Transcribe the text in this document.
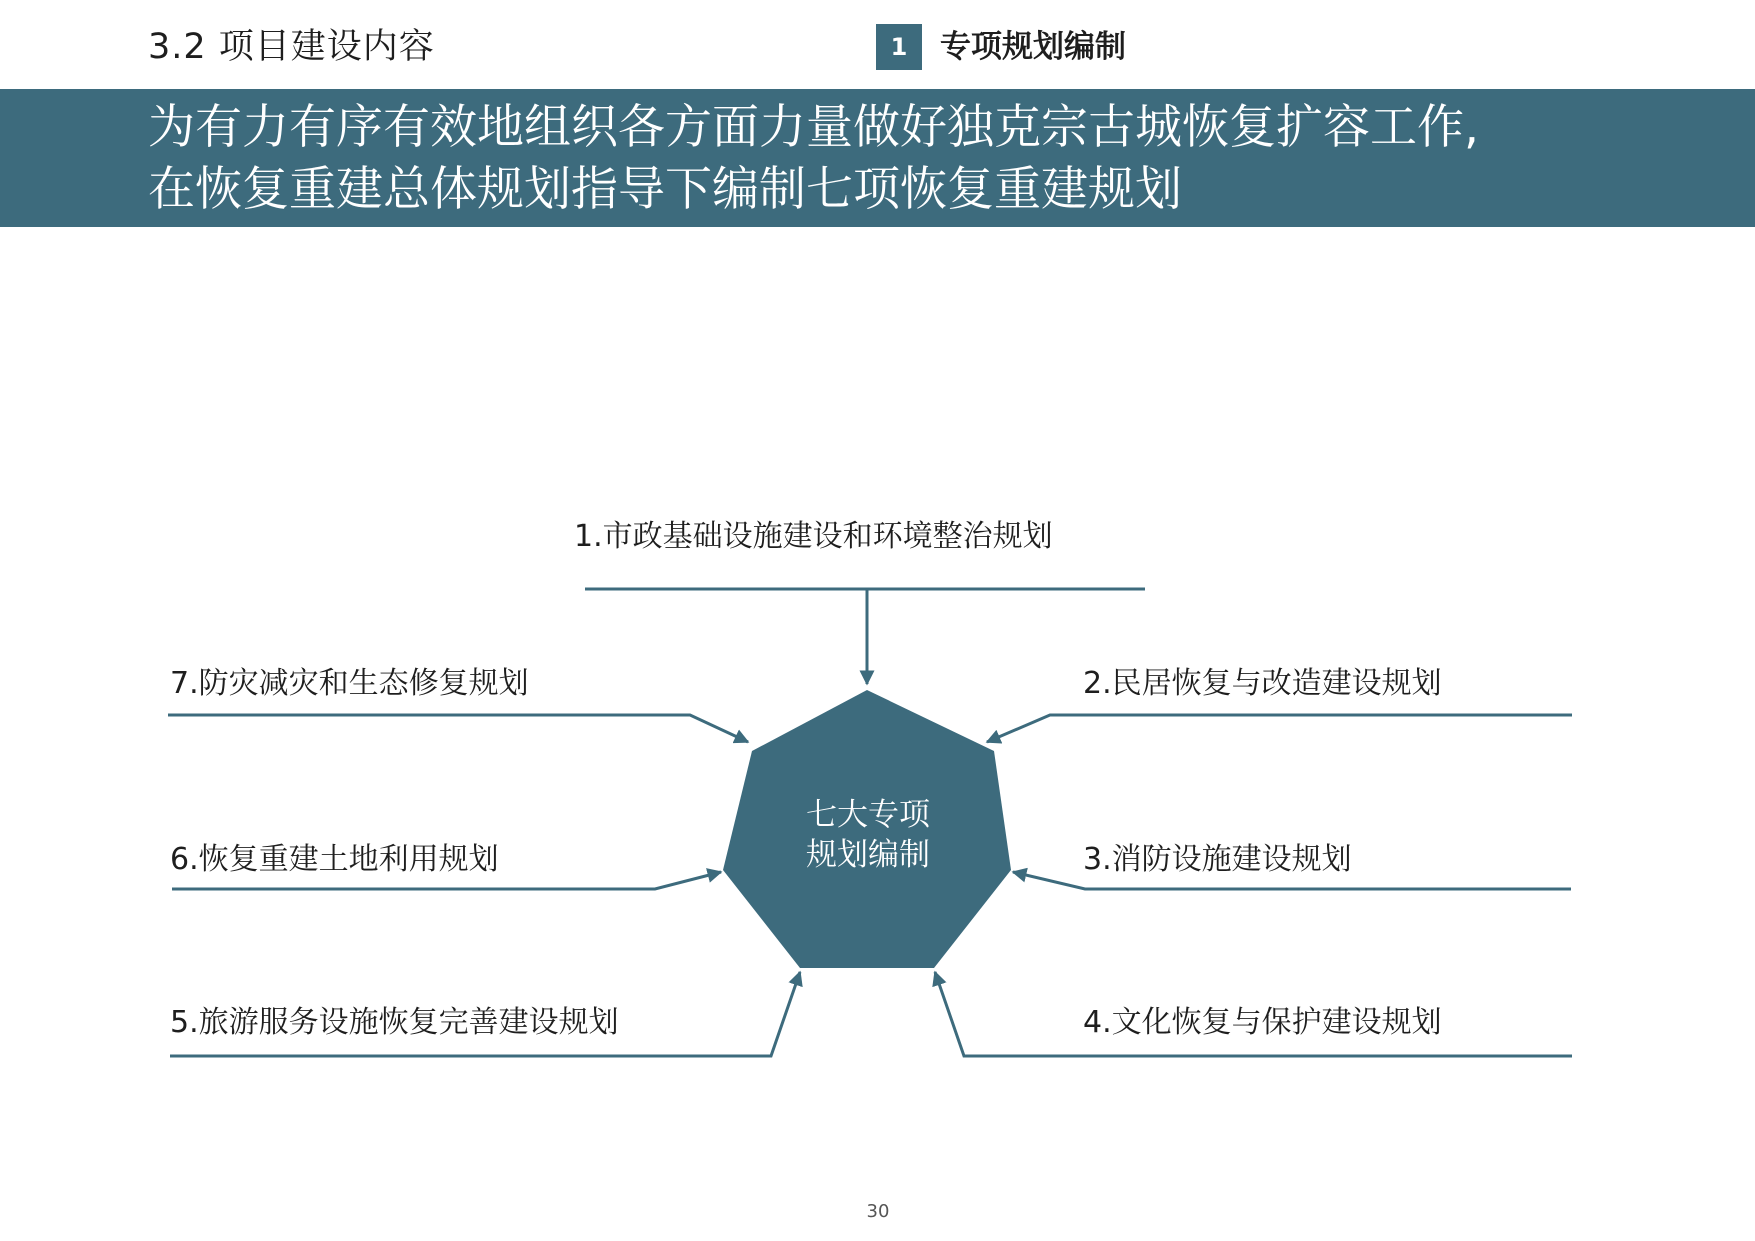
3.2 项目建设内容	1	专项规划编制
为有力有序有效地组织各方面力量做好独克宗古城恢复扩容工作,
在恢复重建总体规划指导下编制七项恢复重建规划
七大专项
规划编制
1.市政基础设施建设和环境整治规划
2.民居恢复与改造建设规划
3.消防设施建设规划
4.文化恢复与保护建设规划
5.旅游服务设施恢复完善建设规划
6.恢复重建土地利用规划
7.防灾减灾和生态修复规划
30
